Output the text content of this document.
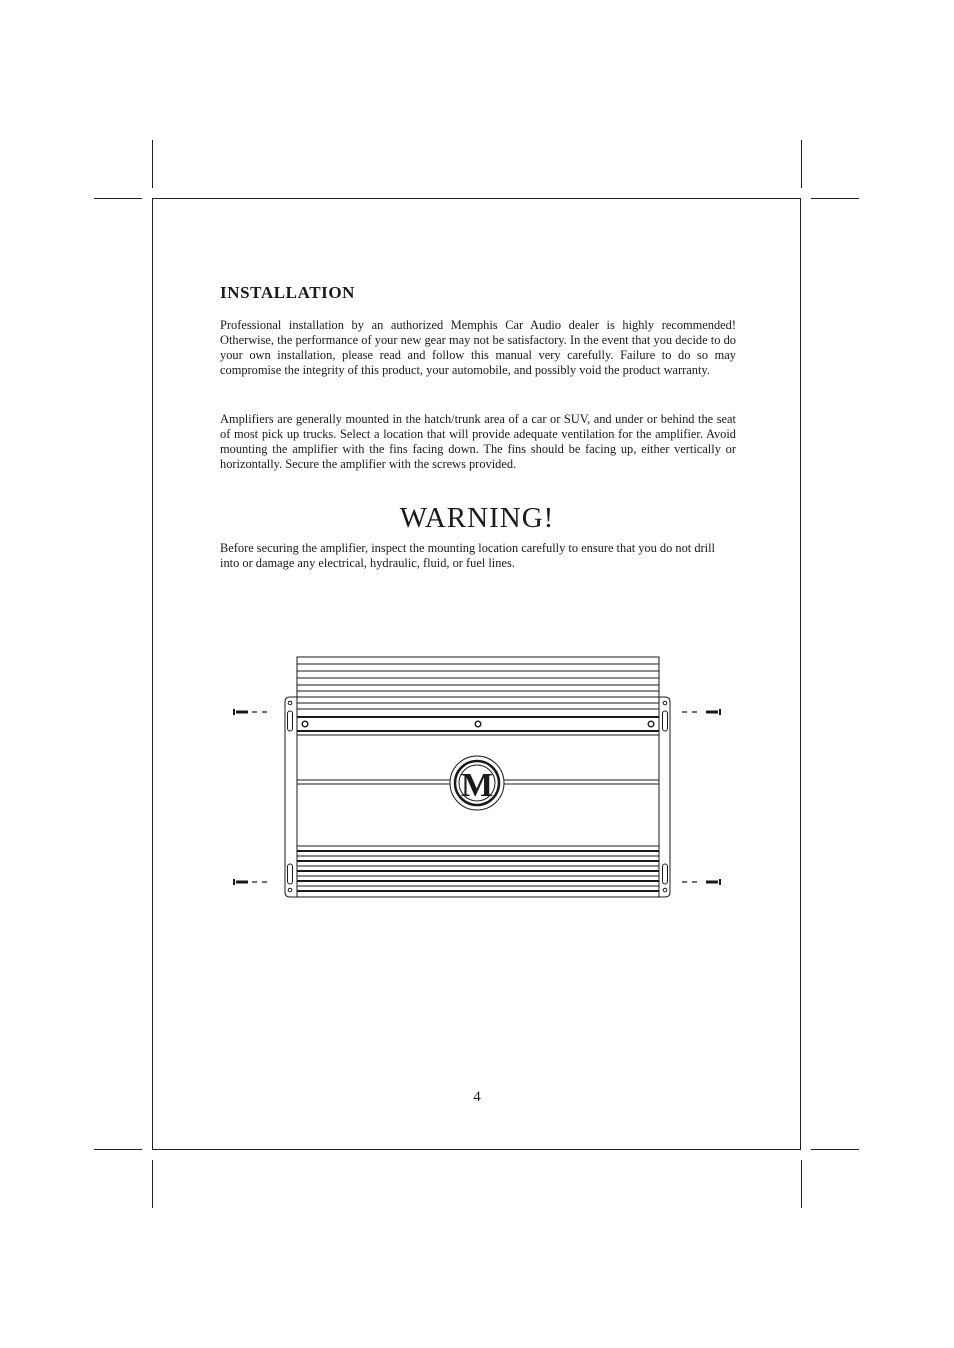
INSTALLATION

Professional installation by an authorized Memphis Car Audio dealer is highly recommended! Otherwise, the performance of your new gear may not be satisfactory. In the event that you decide to do your own installation, please read and follow this manual very carefully. Failure to do so may compromise the integrity of this product, your automobile, and possibly void the product warranty.

Amplifiers are generally mounted in the hatch/trunk area of a car or SUV, and under or behind the seat of most pick up trucks. Select a location that will provide adequate ventilation for the amplifier. Avoid mounting the amplifier with the fins facing down. The fins should be facing up, either vertically or horizontally. Secure the amplifier with the screws provided.

WARNING!

Before securing the amplifier, inspect the mounting location carefully to ensure that you do not drill into or damage any electrical, hydraulic, fluid, or fuel lines.

M
4
